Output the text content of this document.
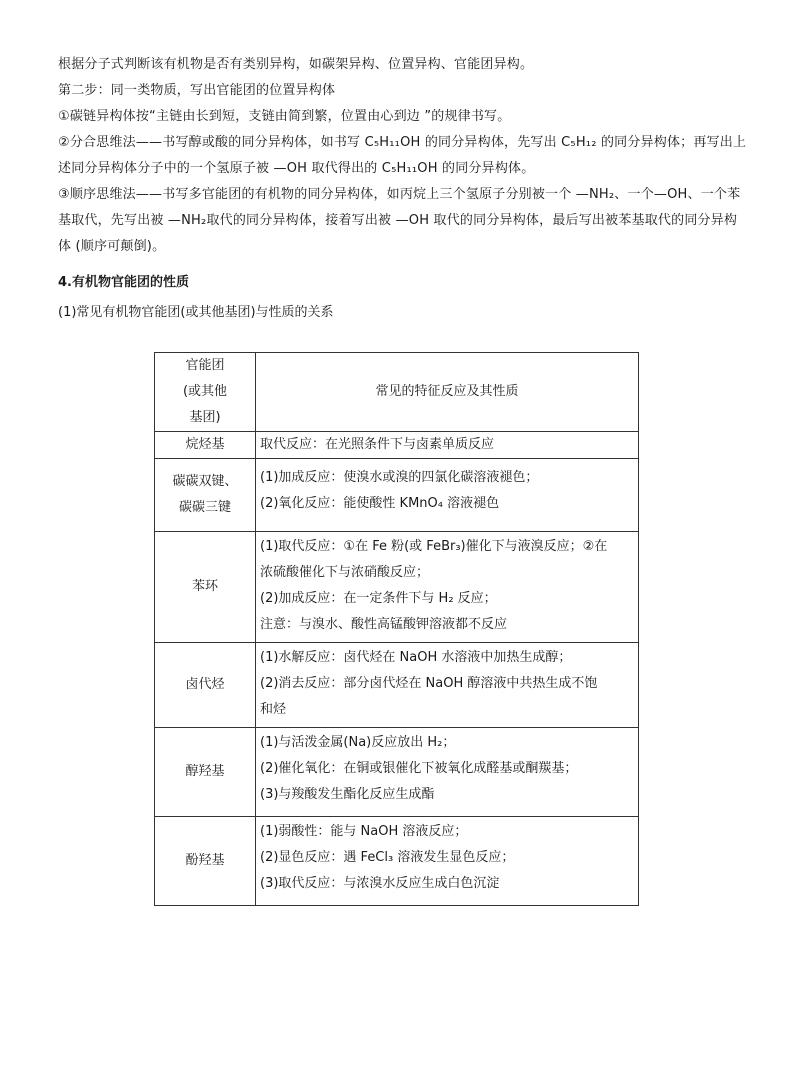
根据分子式判断该有机物是否有类别异构，如碳架异构、位置异构、官能团异构。

第二步：同一类物质，写出官能团的位置异构体

①碳链异构体按“主链由长到短，支链由简到繁，位置由心到边 ”的规律书写。

②分合思维法——书写醇或酸的同分异构体，如书写 C₅H₁₁OH 的同分异构体，先写出 C₅H₁₂ 的同分异构体；再写出上述同分异构体分子中的一个氢原子被 —OH 取代得出的 C₅H₁₁OH 的同分异构体。

③顺序思维法——书写多官能团的有机物的同分异构体，如丙烷上三个氢原子分别被一个 —NH₂、一个—OH、一个苯基取代，先写出被 —NH₂取代的同分异构体，接着写出被 —OH 取代的同分异构体，最后写出被苯基取代的同分异构体 (顺序可颠倒)。

4.有机物官能团的性质
(1)常见有机物官能团(或其他基团)与性质的关系
官能团
(或其他
基团)	常见的特征反应及其性质

烷烃基	取代反应：在光照条件下与卤素单质反应

碳碳双键、
碳碳三键	(1)加成反应：使溴水或溴的四氯化碳溶液褪色；
(2)氧化反应：能使酸性 KMnO₄ 溶液褪色

苯环	(1)取代反应：①在 Fe 粉(或 FeBr₃)催化下与液溴反应；②在
浓硫酸催化下与浓硝酸反应；
(2)加成反应：在一定条件下与 H₂ 反应；
注意：与溴水、酸性高锰酸钾溶液都不反应

卤代烃	(1)水解反应：卤代烃在 NaOH 水溶液中加热生成醇；
(2)消去反应：部分卤代烃在 NaOH 醇溶液中共热生成不饱
和烃

醇羟基	(1)与活泼金属(Na)反应放出 H₂；
(2)催化氧化：在铜或银催化下被氧化成醛基或酮羰基；
(3)与羧酸发生酯化反应生成酯

酚羟基	(1)弱酸性：能与 NaOH 溶液反应；
(2)显色反应：遇 FeCl₃ 溶液发生显色反应；
(3)取代反应：与浓溴水反应生成白色沉淀
